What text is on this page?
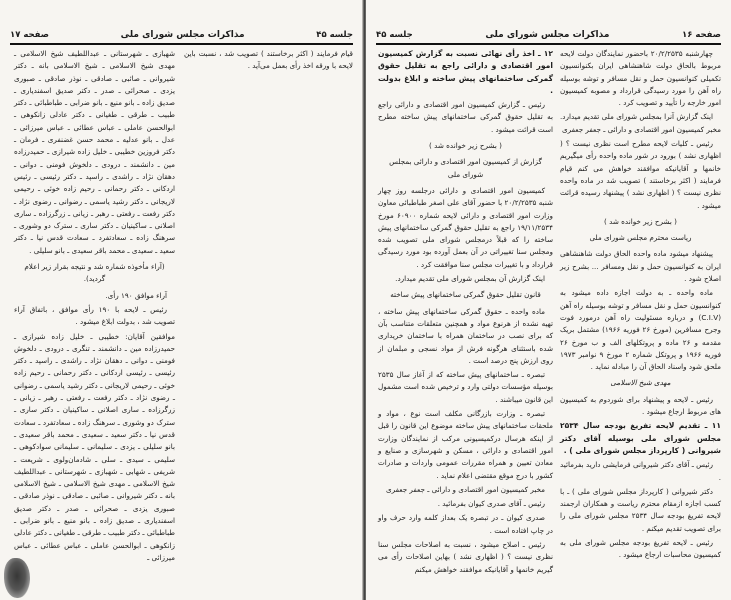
جلسه ۴۵
مذاکرات مجلس شورای ملی
صفحه ۱۷

قیام فرمایند ( اکثر برخاستند ) تصویب شد ، نسبت باین لایحه با ورقه اخذ رأی بعمل می‌آید .

شهبازی ـ شهرستانی ـ عبداللطیف شیخ الاسلامی ـ مهدی شیخ الاسلامی ـ شیخ الاسلامی بانه ـ دکتر شیروانی ـ صائبی ـ صادقی ـ نوذر صادقی ـ صبوری یزدی ـ صحرائی ـ صدر ـ دکتر صدیق اسفندیاری ـ صدیق زاده ـ بانو منیع ـ بانو ضرابی ـ طباطبائی ـ دکتر طبیب ـ طرقی ـ طغیانی ـ دکتر عادلی زانکوهی ـ ابوالحسن عاملی ـ عباس عطائی ـ عباس میرزائی ـ عدل ـ بانو عدلیه ـ محمد حسن غضنفری ـ فرمان ـ دکتر فروزین خطیبی ـ خلیل زاده شیرازی ـ حمیدرزاده مین ـ دانشمند ـ درودی ـ دلخوش فومنی ـ دوانی ـ دهقان نژاد ـ راشدی ـ راسپد ـ دکتر رئیسی ـ رئیس اردکانی ـ دکتر رحمانی ـ رحیم زاده خوئی ـ رحیمی لاریجانی ـ دکتر رشید یاسمی ـ رضوانی ـ رضوی نژاد ـ دکتر رفعت ـ رفعتی ـ رهبر ـ زیانی ـ زرگرزاده ـ ساری اصلانی ـ ساکینیان ـ دکتر ساری ـ سترک دو وشوری ـ سرهنگ زاده ـ سعادتفرد ـ سعادت قدس نیا ـ دکتر سعید ـ سعیدی ـ محمد باقر سعیدی ـ بانو سلیلی .

(آراء مأخوذه شماره شد و نتیجه بقرار زیر اعلام گردید).

آراء موافق ۱۹۰ رأی.

رئیس ـ لایحه با ۱۹۰ رأی موافق ، باتفاق آراء تصویب شد ، بدولت ابلاغ میشود .

موافقین آقایان: خطیبی ـ خلیل زاده شیرازی ـ حمیدرزاده مین ـ دانشمند ـ تنگری ـ درودی ـ دلخوش فومنی ـ دوانی ـ دهقان نژاد ـ راشدی ـ راسپد ـ دکتر رئیسی ـ رئیسی اردکانی ـ دکتر رحمانی ـ رحیم زاده خوئی ـ رحیمی لاریجانی ـ دکتر رشید یاسمی ـ رضوانی ـ رضوی نژاد ـ دکتر رفعت ـ رفعتی ـ رهبر ـ زیانی ـ زرگرزاده ـ ساری اصلانی ـ ساکینیان ـ دکتر ساری ـ سترک دو وشوری ـ سرهنگ زاده ـ سعادتفرد ـ سعادت قدس نیا ـ دکتر سعید ـ سعیدی ـ محمد باقر سعیدی ـ بانو سلیلی ـ یزدی ـ سلیمانی ـ سلیمانی سوادکوهی ـ سلیمی ـ سیدی ـ سلی ـ شادمان‌ولوی ـ شریعت ـ شریفی ـ شهابی ـ شهبازی ـ شهرستانی ـ عبداللطیف شیخ الاسلامی ـ مهدی شیخ الاسلامی ـ شیخ الاسلامی بانه ـ دکتر شیروانی ـ صائبی ـ صادقی ـ نوذر صادقی ـ صبوری یزدی ـ صحرائی ـ صدر ـ دکتر صدیق اسفندیاری ـ صدیق زاده ـ بانو منیع ـ بانو ضرابی ـ طباطبائی ـ دکتر طبیب ـ طرقی ـ طغیانی ـ دکتر عادلی زانکوهی ـ ابوالحسن عاملی ـ عباس عطائی ـ عباس میرزائی ـ

صفحه ۱۶
مذاکرات مجلس شورای ملی
جلسه ۴۵

چهارشنبه ۲۰/۲/۲۵۳۵ باحضور نمایندگان دولت لایحه مربوط بالحاق دولت شاهنشاهی ایران بکنوانسیون تکمیلی کنوانسیون حمل و نقل مسافر و توشه بوسیله راه آهن را مورد رسیدگی قرارداد و مصوبه کمیسیون امور خارجه را تأیید و تصویب کرد .

اینک گزارش آنرا بمجلس شورای ملی تقدیم میدارد. مخبر کمیسیون امور اقتصادی و دارائی ـ جعفر جعفری

رئیس ـ کلیات لایحه مطرح است نظری نیست ؟ ( اظهاری نشد ) بورود در شور ماده واحده رأی میگیریم خانمها و آقایانیکه موافقند خواهش می کنم قیام فرمایند ( اکثر برخاستند ) تصویب شد در ماده واحده نظری نیست ؟ ( اظهاری نشد ) پیشنهاد رسیده قرائت میشود .

( بشرح زیر خوانده شد )

ریاست محترم مجلس شورای ملی

پیشنهاد میشود ماده واحده الحاق دولت شاهنشاهی ایران به کنوانسیون حمل و نقل ومسافر ... بشرح زیر اصلاح شود .

ماده واحده ـ به دولت اجازه داده میشود به کنوانسیون حمل و نقل مسافر و توشه بوسیله راه آهن (C.I.V) و درباره مسئولیت راه آهن درمورد فوت وجرح مسافرین (مورخ ۲۶ فوریه ۱۹۶۶) مشتمل بریک مقدمه و ۲۶ ماده و پروتکلهای الف و ب مورخ ۲۶ فوریه ۱۹۶۶ و پروتکل شماره ۲ مورخ ۹ نوامبر ۱۹۷۳ ملحق شود واسناد الحاق آن را مبادله نماید .

مهدی شیخ الاسلامی

رئیس ـ لایحه و پیشنهاد برای شوردوم به کمیسیون های مربوط ارجاع میشود .

۱۱ ـ تقدیم لایحه تفریغ بودجه سال ۲۵۳۴ مجلس شورای ملی بوسیله آقای دکتر شیروانی ( کارپرداز مجلس شورای ملی ) .

رئیس ـ آقای دکتر شیروانی فرمایشی دارید بفرمائید .

دکتر شیروانی ( کارپرداز مجلس شورای ملی ) ـ با کسب اجازه ازمقام محترم ریاست و همکاران ارجمند لایحه تفریغ بودجه سال ۲۵۳۴ مجلس شورای ملی را برای تصویب تقدیم میکنم .

رئیس ـ لایحه تفریغ بودجه مجلس شورای ملی به کمیسیون محاسبات ارجاع میشود .

۱۲ ـ اخذ رأی نهائی نسبت به گزارش کمیسیون امور اقتصادی و دارائی راجع به تقلیل حقوق گمرکی ساختمانهای پیش ساخته و ابلاغ بدولت .

رئیس ـ گزارش کمیسیون امور اقتصادی و دارائی راجع به تقلیل حقوق گمرکی ساختمانهای پیش ساخته مطرح است قرائت میشود .

( بشرح زیر خوانده شد )

گزارش از کمیسیون امور اقتصادی و دارائی بمجلس شورای ملی

کمیسیون امور اقتصادی و دارائی درجلسه روز چهار شنبه ۲۰/۲/۲۵۳۵ با حضور آقای علی اصغر طباطبائی معاون وزارت امور اقتصادی و دارائی لایحه شماره ۶۰۹۰۰ مورخ ۱۹/۱۱/۲۵۳۴ راجع به تقلیل حقوق گمرکی ساختمانهای پیش ساخته را که قبلاً درمجلس شورای ملی تصویب شده ومجلس سنا تغییراتی در آن بعمل آورده بود مورد رسیدگی قرارداد و با تغییرات مجلس سنا موافقت کرد .

اینک گزارش آن بمجلس شورای ملی تقدیم میدارد.

قانون تقلیل حقوق گمرکی ساختمانهای پیش ساخته

ماده واحده ـ حقوق گمرکی ساختمانهای پیش ساخته ، تهیه نشده از هرنوع مواد و همچنین متعلقات متناسب بآن که برای نصب در ساختمان همراه با ساختمان خریداری شده باستثنای هرگونه فرش از مواد نسجی و مبلمان از روی ارزش پنج درصد است .

تبصره ـ ساختمانهای پیش ساخته که از آغاز سال ۲۵۳۵ بوسیله مؤسسات دولتی وارد و ترخیص شده است مشمول این قانون میباشند .

تبصره ـ وزارت بازرگانی مکلف است نوع ، مواد و ملحقات ساختمانهای پیش ساخته موضوع این قانون را قبل از اینکه هرسال درکمیسیونی مرکب از نمایندگان وزارت امور اقتصادی و دارائی ، مسکن و شهرسازی و صنایع و معادن تعیین و همراه مقررات عمومی واردات و صادرات کشور با درج موقع مقتضی اعلام نماید .

مخبر کمیسیون امور اقتصادی و دارائی ـ جعفر جعفری

رئیس ـ آقای صدری کیوان بفرمائید .

صدری کیوان ـ در تبصره یک بعداز کلمه وارد حرف واو در چاپ افتاده است .

رئیس ـ اصلاح میشود ، نسبت به اصلاحات مجلس سنا نظری نیست ؟ ( اظهاری نشد ) بهاین اصلاحات رأی می گیریم خانمها و آقایانیکه موافقند خواهش میکنم
